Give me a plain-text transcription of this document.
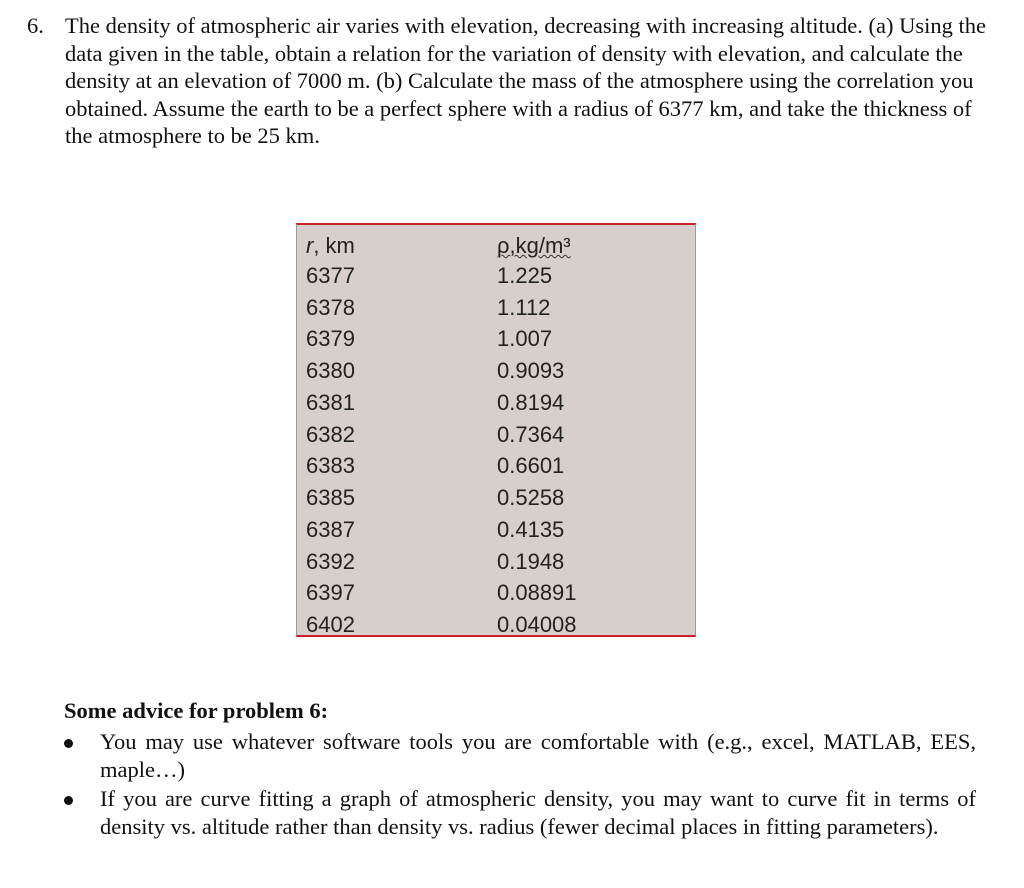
6. The density of atmospheric air varies with elevation, decreasing with increasing altitude. (a) Using the data given in the table, obtain a relation for the variation of density with elevation, and calculate the density at an elevation of 7000 m. (b) Calculate the mass of the atmosphere using the correlation you obtained. Assume the earth to be a perfect sphere with a radius of 6377 km, and take the thickness of the atmosphere to be 25 km.
r, km	ρ,kg/m³
6377	1.225
6378	1.112
6379	1.007
6380	0.9093
6381	0.8194
6382	0.7364
6383	0.6601
6385	0.5258
6387	0.4135
6392	0.1948
6397	0.08891
6402	0.04008
Some advice for problem 6:
You may use whatever software tools you are comfortable with (e.g., excel, MATLAB, EES, maple…)
If you are curve fitting a graph of atmospheric density, you may want to curve fit in terms of density vs. altitude rather than density vs. radius (fewer decimal places in fitting parameters).
